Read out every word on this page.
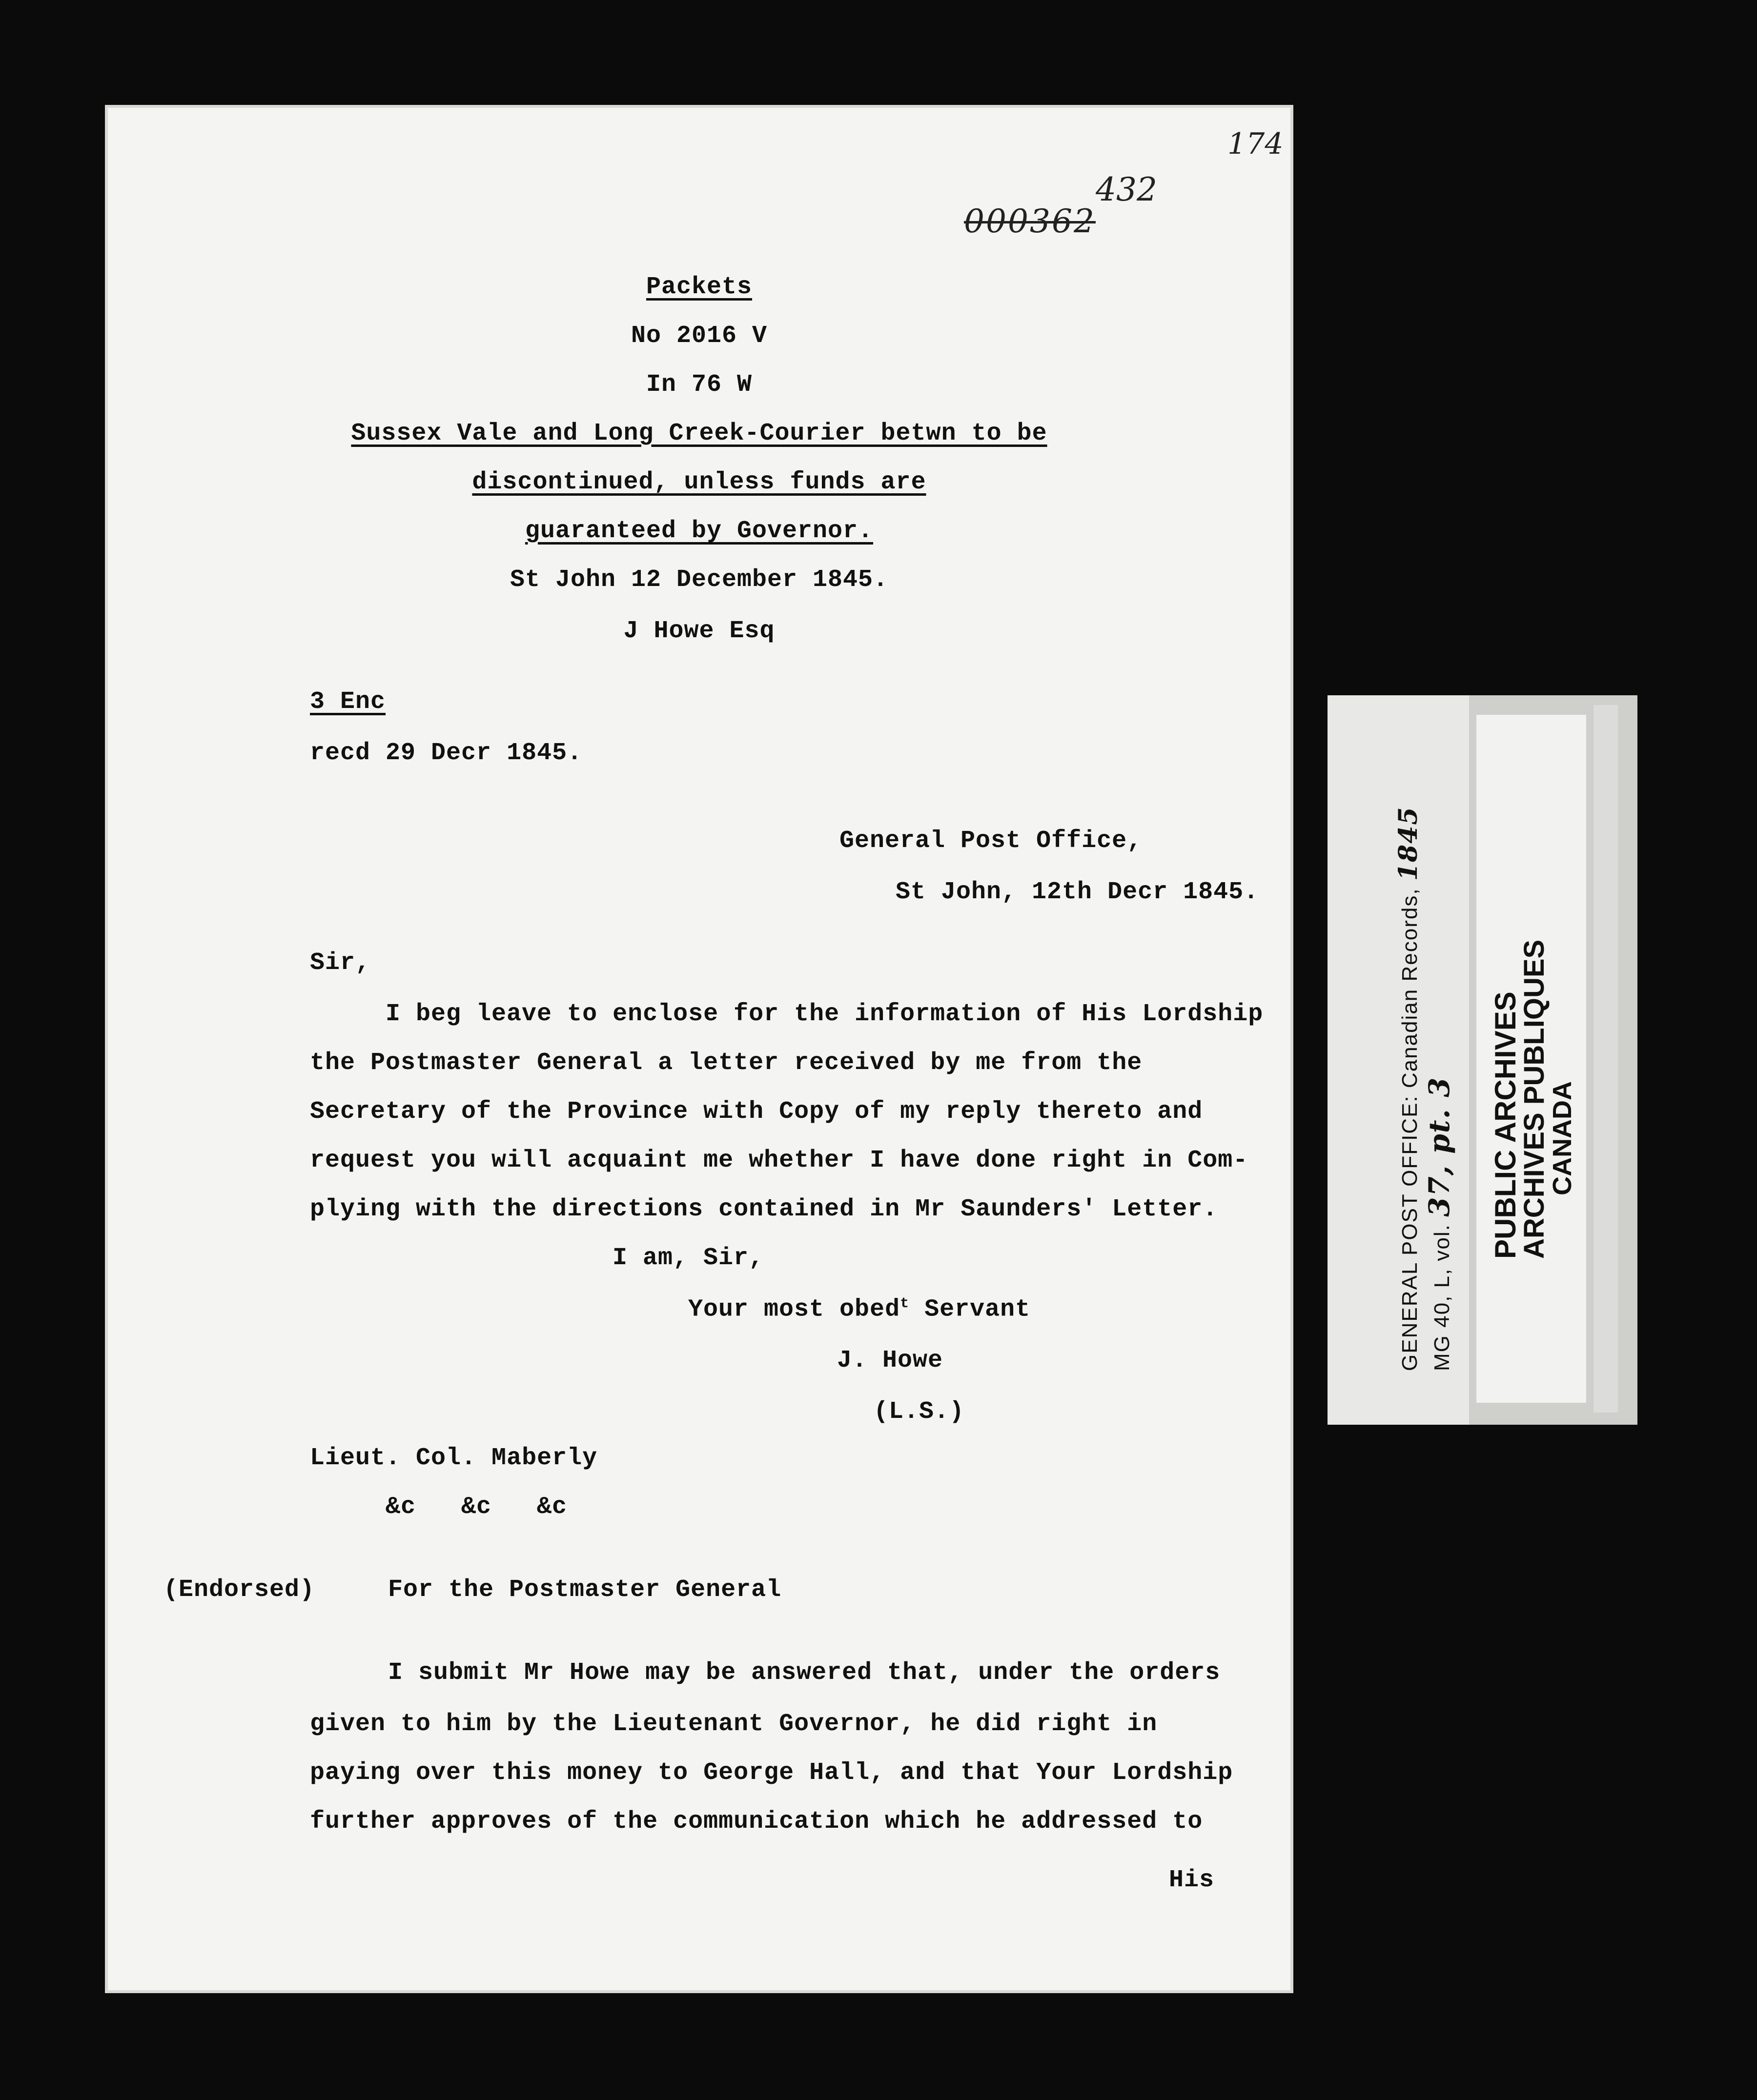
174
432
000362
Packets
No 2016 V
In 76 W
Sussex Vale and Long Creek-Courier betwn to be
discontinued, unless funds are
guaranteed by Governor.
St John 12 December 1845.
J Howe Esq
3 Enc
recd 29 Decr 1845.
General Post Office,
St John, 12th Decr 1845.
Sir,
I beg leave to enclose for the information of His Lordship
the Postmaster General a letter received by me from the
Secretary of the Province with Copy of my reply thereto and
request you will acquaint me whether I have done right in Com-
plying with the directions contained in Mr Saunders' Letter.
I am, Sir,
Your most obed$^t$ Servant
J. Howe
(L.S.)
Lieut. Col. Maberly
&c   &c   &c
(Endorsed)	For the Postmaster General
I submit Mr Howe may be answered that, under the orders
given to him by the Lieutenant Governor, he did right in
paying over this money to George Hall, and that Your Lordship
further approves of the communication which he addressed to
His
GENERAL POST OFFICE: Canadian Records, 1845
MG 40, L, vol. 37, pt. 3 PUBLIC ARCHIVES
ARCHIVES PUBLIQUES
CANADA
